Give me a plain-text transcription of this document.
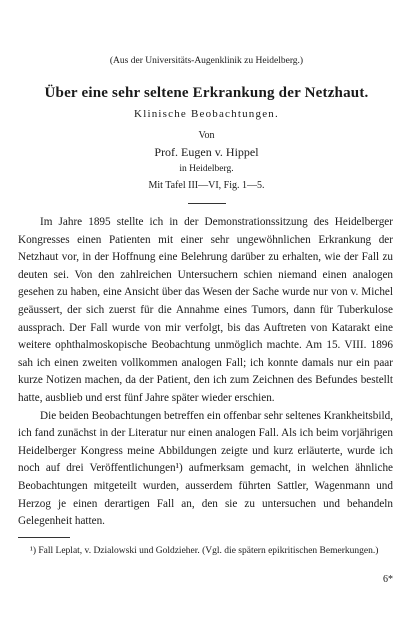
(Aus der Universitäts-Augenklinik zu Heidelberg.)
Über eine sehr seltene Erkrankung der Netzhaut.
Klinische Beobachtungen.
Von
Prof. Eugen v. Hippel
in Heidelberg.
Mit Tafel III—VI, Fig. 1—5.

Im Jahre 1895 stellte ich in der Demonstrationssitzung des Heidelberger Kongresses einen Patienten mit einer sehr ungewöhnlichen Erkrankung der Netzhaut vor, in der Hoffnung eine Belehrung darüber zu erhalten, wie der Fall zu deuten sei. Von den zahlreichen Untersuchern schien niemand einen analogen gesehen zu haben, eine Ansicht über das Wesen der Sache wurde nur von v. Michel geäussert, der sich zuerst für die Annahme eines Tumors, dann für Tuberkulose aussprach. Der Fall wurde von mir verfolgt, bis das Auftreten von Katarakt eine weitere ophthalmoskopische Beobachtung unmöglich machte. Am 15. VIII. 1896 sah ich einen zweiten vollkommen analogen Fall; ich konnte damals nur ein paar kurze Notizen machen, da der Patient, den ich zum Zeichnen des Befundes bestellt hatte, ausblieb und erst fünf Jahre später wieder erschien.

Die beiden Beobachtungen betreffen ein offenbar sehr seltenes Krankheitsbild, ich fand zunächst in der Literatur nur einen analogen Fall. Als ich beim vorjährigen Heidelberger Kongress meine Abbildungen zeigte und kurz erläuterte, wurde ich noch auf drei Veröffentlichungen¹) aufmerksam gemacht, in welchen ähnliche Beobachtungen mitgeteilt wurden, ausserdem führten Sattler, Wagenmann und Herzog je einen derartigen Fall an, den sie zu untersuchen und behandeln Gelegenheit hatten.

¹) Fall Leplat, v. Dzialowski und Goldzieher. (Vgl. die spätern epikritischen Bemerkungen.)
6*
